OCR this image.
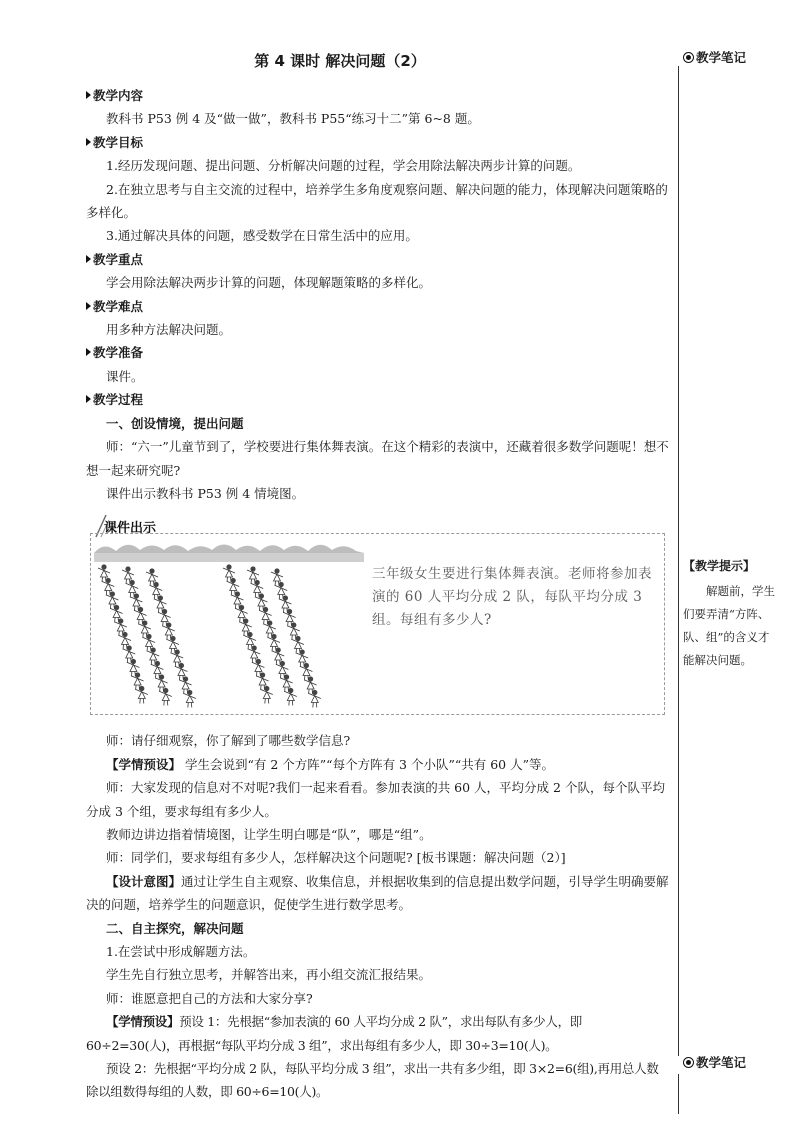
第 4 课时 解决问题（2）

教学内容

教科书 P53 例 4 及“做一做”，教科书 P55“练习十二”第 6~8 题。

教学目标

1.经历发现问题、提出问题、分析解决问题的过程，学会用除法解决两步计算的问题。

2.在独立思考与自主交流的过程中，培养学生多角度观察问题、解决问题的能力，体现解决问题策略的多样化。

3.通过解决具体的问题，感受数学在日常生活中的应用。

教学重点

学会用除法解决两步计算的问题，体现解题策略的多样化。

教学难点

用多种方法解决问题。

教学准备

课件。

教学过程

一、创设情境，提出问题

师：“六一”儿童节到了，学校要进行集体舞表演。在这个精彩的表演中，还藏着很多数学问题呢！想不想一起来研究呢?

课件出示教科书 P53 例 4 情境图。

课件出示
三年级女生要进行集体舞表演。老师将参加表演的 60 人平均分成 2 队，每队平均分成 3 组。每组有多少人?

师：请仔细观察，你了解到了哪些数学信息?

【学情预设】 学生会说到“有 2 个方阵”“每个方阵有 3 个小队”“共有 60 人”等。

师：大家发现的信息对不对呢?我们一起来看看。参加表演的共 60 人，平均分成 2 个队，每个队平均分成 3 个组，要求每组有多少人。

教师边讲边指着情境图，让学生明白哪是“队”，哪是“组”。

师：同学们，要求每组有多少人，怎样解决这个问题呢? [板书课题：解决问题（2）]

【设计意图】通过让学生自主观察、收集信息，并根据收集到的信息提出数学问题，引导学生明确要解决的问题，培养学生的问题意识，促使学生进行数学思考。

二、自主探究，解决问题

1.在尝试中形成解题方法。

学生先自行独立思考，并解答出来，再小组交流汇报结果。

师：谁愿意把自己的方法和大家分享?

【学情预设】预设 1：先根据“参加表演的 60 人平均分成 2 队”，求出每队有多少人，即 60÷2=30(人)，再根据“每队平均分成 3 组”，求出每组有多少人，即 30÷3=10(人)。

预设 2：先根据“平均分成 2 队，每队平均分成 3 组”，求出一共有多少组，即 3×2=6(组),再用总人数除以组数得每组的人数，即 60÷6=10(人)。

教学笔记
【教学提示】
解题前，学生们要弄清“方阵、队、组”的含义才能解决问题。
教学笔记
